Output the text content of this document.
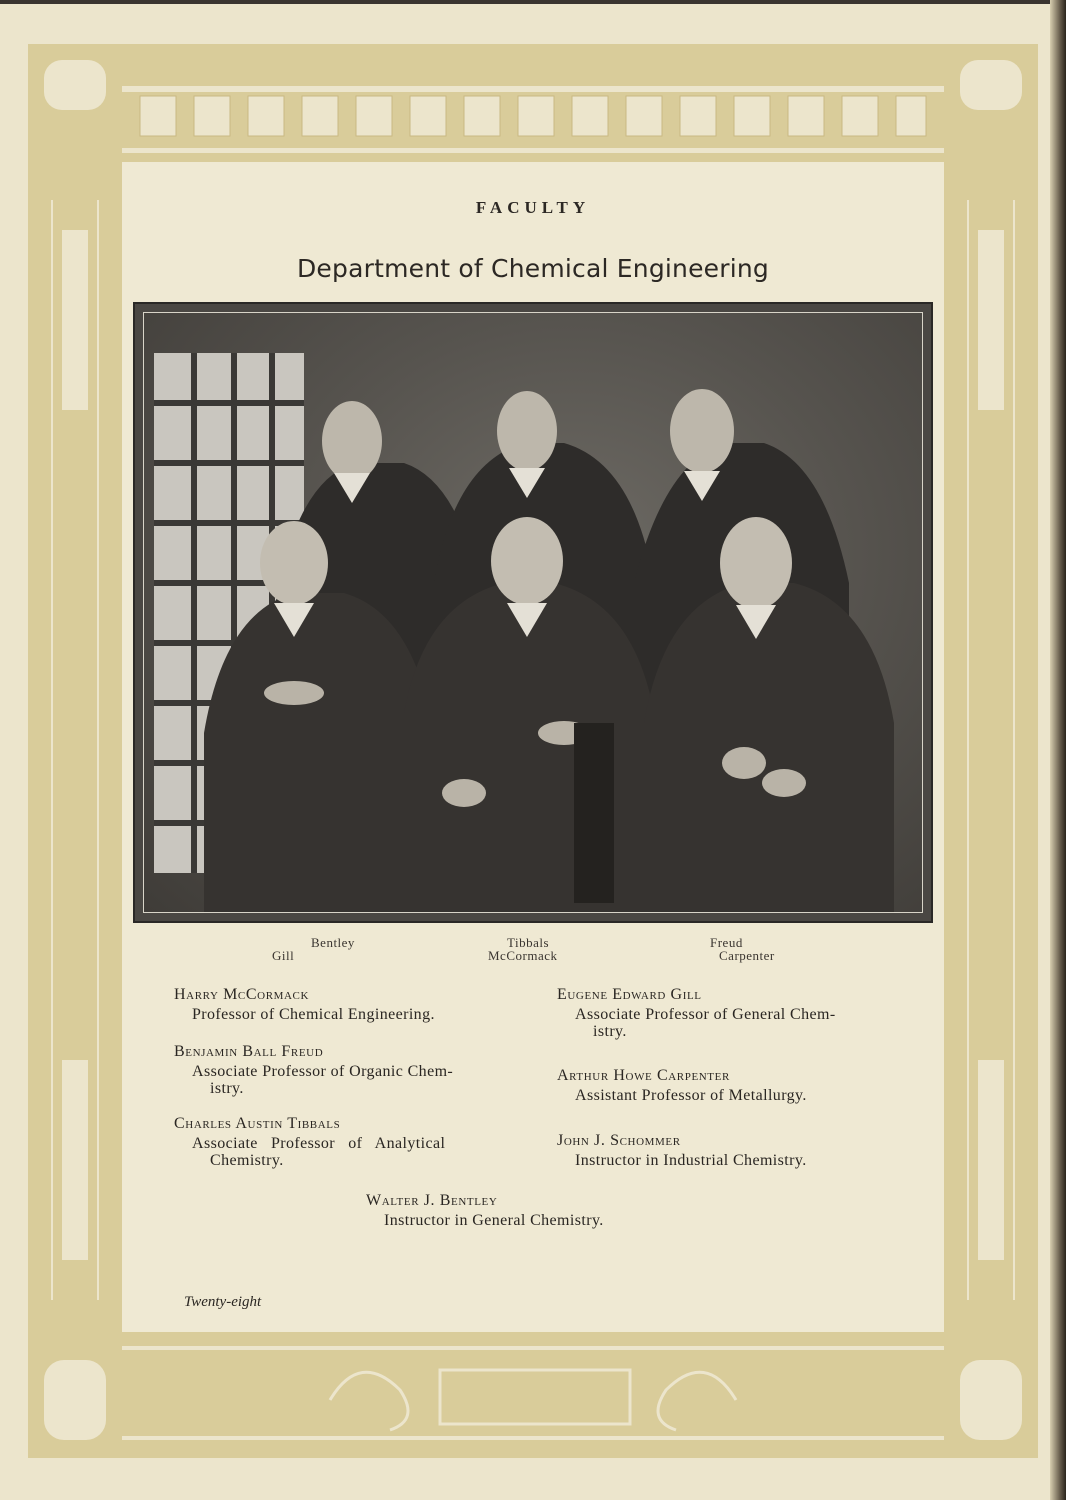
FACULTY
Department of Chemical Engineering
Bentley
Gill
Tibbals
McCormack
Freud
Carpenter
Harry McCormack
Professor of Chemical Engineering.
Benjamin Ball Freud
Associate Professor of Organic Chem-
istry.
Charles Austin Tibbals
Associate   Professor   of   Analytical
Chemistry.
Eugene Edward Gill
Associate Professor of General Chem-
istry.
Arthur Howe Carpenter
Assistant Professor of Metallurgy.
John J. Schommer
Instructor in Industrial Chemistry.
Walter J. Bentley
Instructor in General Chemistry.
Twenty-eight
